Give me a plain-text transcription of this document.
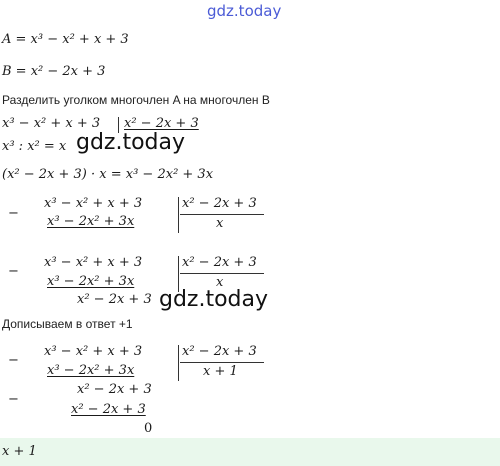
gdz.today
A = x³ − x² + x + 3
B = x² − 2x + 3
Разделить уголком многочлен A на многочлен B
x³ − x² + x + 3 x² − 2x + 3
x³ : x² = x gdz.today
(x² − 2x + 3) · x = x³ − 2x² + 3x
−
x³ − x² + x + 3
x³ − 2x² + 3x
x² − 2x + 3
x
−
x³ − x² + x + 3
x³ − 2x² + 3x
x² − 2x + 3
x² − 2x + 3
x
gdz.today
Дописываем в ответ +1
−
x³ − x² + x + 3
x³ − 2x² + 3x
x² − 2x + 3
−
x² − 2x + 3
0
x² − 2x + 3
x + 1
x + 1
